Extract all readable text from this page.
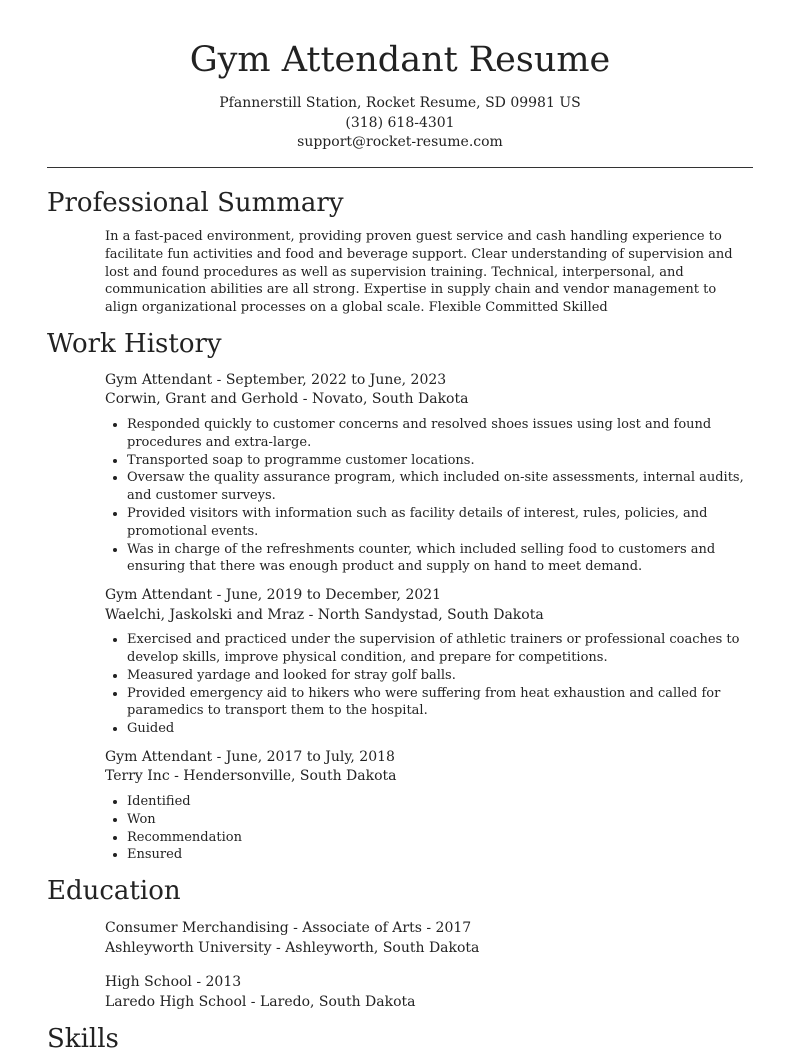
Gym Attendant Resume
Pfannerstill Station, Rocket Resume, SD 09981 US
(318) 618-4301
support@rocket-resume.com
Professional Summary

In a fast-paced environment, providing proven guest service and cash handling experience to facilitate fun activities and food and beverage support. Clear understanding of supervision and lost and found procedures as well as supervision training. Technical, interpersonal, and communication abilities are all strong. Expertise in supply chain and vendor management to align organizational processes on a global scale. Flexible Committed Skilled

Work History

Gym Attendant - September, 2022 to June, 2023

Corwin, Grant and Gerhold - Novato, South Dakota

• Responded quickly to customer concerns and resolved shoes issues using lost and found procedures and extra-large.
• Transported soap to programme customer locations.
• Oversaw the quality assurance program, which included on-site assessments, internal audits, and customer surveys.
• Provided visitors with information such as facility details of interest, rules, policies, and promotional events.
• Was in charge of the refreshments counter, which included selling food to customers and ensuring that there was enough product and supply on hand to meet demand.

Gym Attendant - June, 2019 to December, 2021

Waelchi, Jaskolski and Mraz - North Sandystad, South Dakota

• Exercised and practiced under the supervision of athletic trainers or professional coaches to develop skills, improve physical condition, and prepare for competitions.
• Measured yardage and looked for stray golf balls.
• Provided emergency aid to hikers who were suffering from heat exhaustion and called for paramedics to transport them to the hospital.
• Guided

Gym Attendant - June, 2017 to July, 2018

Terry Inc - Hendersonville, South Dakota

• Identified
• Won
• Recommendation
• Ensured
Education
Consumer Merchandising - Associate of Arts - 2017
Ashleyworth University - Ashleyworth, South Dakota
High School - 2013
Laredo High School - Laredo, South Dakota
Skills
